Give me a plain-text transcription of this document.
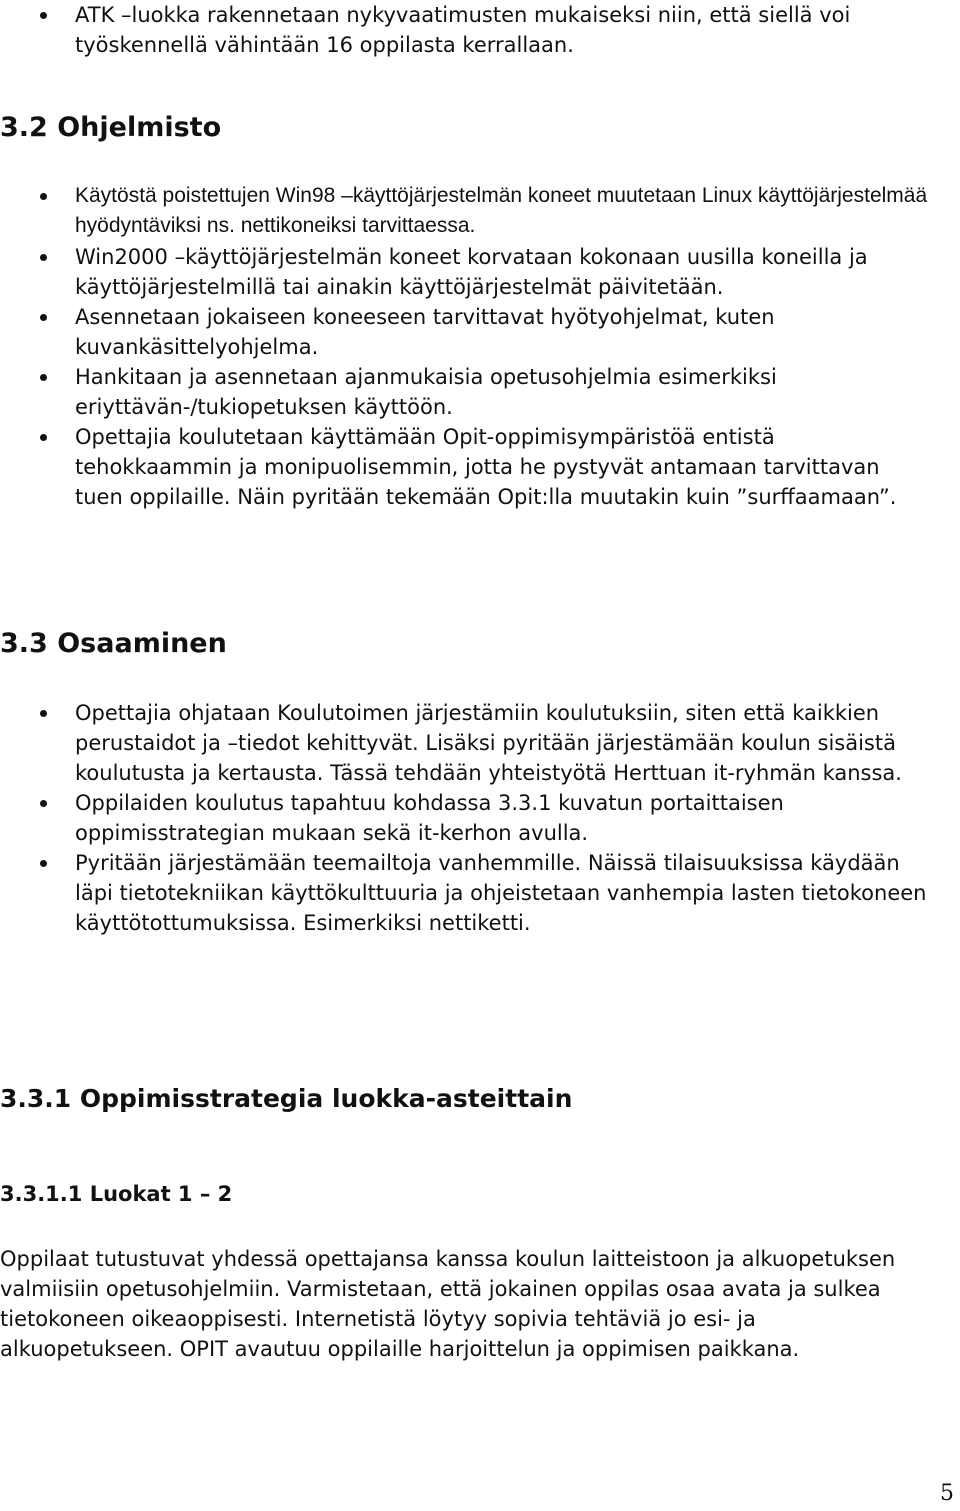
ATK –luokka rakennetaan nykyvaatimusten mukaiseksi niin, että siellä voi työskennellä vähintään 16 oppilasta kerrallaan.
3.2 Ohjelmisto
Käytöstä poistettujen Win98 –käyttöjärjestelmän koneet muutetaan Linux käyttöjärjestelmää hyödyntäviksi ns. nettikoneiksi tarvittaessa.
Win2000 –käyttöjärjestelmän koneet korvataan kokonaan uusilla koneilla ja käyttöjärjestelmillä tai ainakin käyttöjärjestelmät päivitetään.
Asennetaan jokaiseen koneeseen tarvittavat hyötyohjelmat, kuten kuvankäsittelyohjelma.
Hankitaan ja asennetaan ajanmukaisia opetusohjelmia esimerkiksi eriyttävän-/tukiopetuksen käyttöön.
Opettajia koulutetaan käyttämään Opit-oppimisympäristöä entistä tehokkaammin ja monipuolisemmin, jotta he pystyvät antamaan tarvittavan tuen oppilaille. Näin pyritään tekemään Opit:lla muutakin kuin ”surffaamaan”.
3.3 Osaaminen
Opettajia ohjataan Koulutoimen järjestämiin koulutuksiin, siten että kaikkien perustaidot ja –tiedot kehittyvät. Lisäksi pyritään järjestämään koulun sisäistä koulutusta ja kertausta. Tässä tehdään yhteistyötä Herttuan it-ryhmän kanssa.
Oppilaiden koulutus tapahtuu kohdassa 3.3.1 kuvatun portaittaisen oppimisstrategian mukaan sekä it-kerhon avulla.
Pyritään järjestämään teemailtoja vanhemmille. Näissä tilaisuuksissa käydään läpi tietotekniikan käyttökulttuuria ja ohjeistetaan vanhempia lasten tietokoneen käyttötottumuksissa. Esimerkiksi nettiketti.
3.3.1 Oppimisstrategia luokka-asteittain
3.3.1.1 Luokat 1 – 2

Oppilaat tutustuvat yhdessä opettajansa kanssa koulun laitteistoon ja alkuopetuksen valmiisiin opetusohjelmiin. Varmistetaan, että jokainen oppilas osaa avata ja sulkea tietokoneen oikeaoppisesti. Internetistä löytyy sopivia tehtäviä jo esi- ja alkuopetukseen. OPIT avautuu oppilaille harjoittelun ja oppimisen paikkana.

5
